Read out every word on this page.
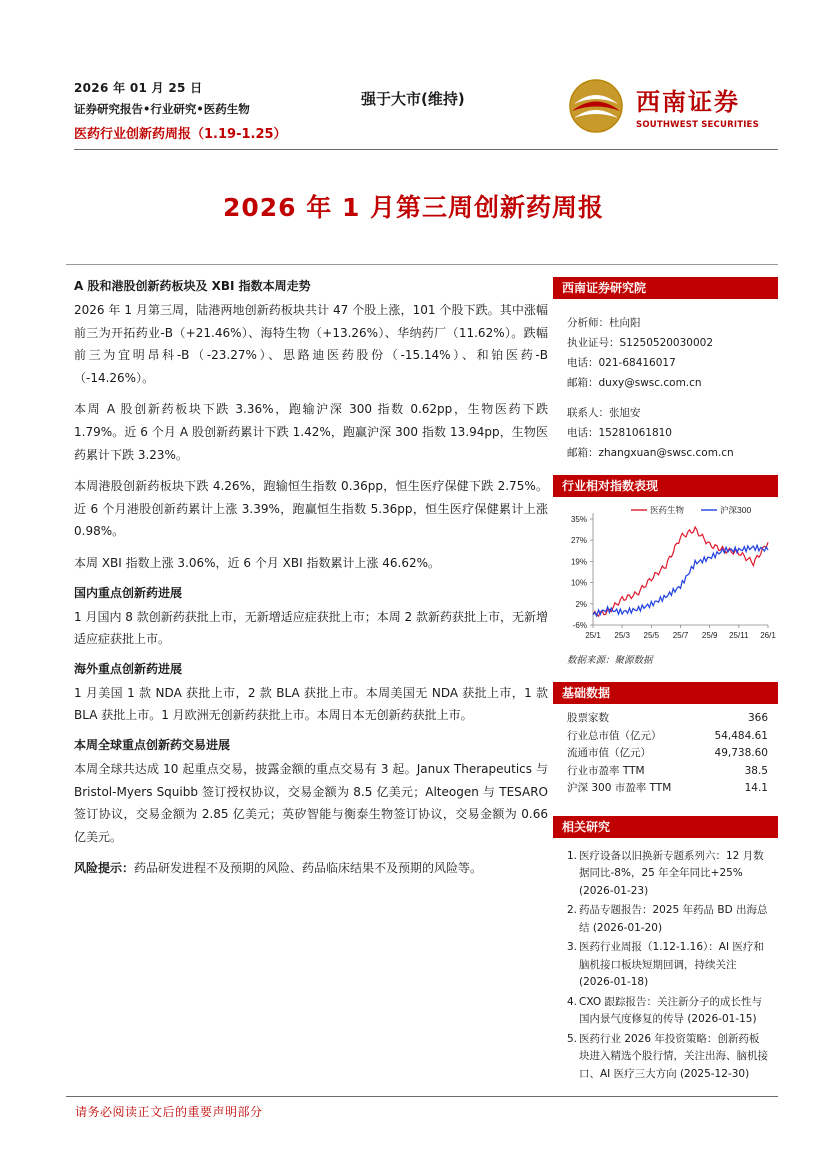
2026 年 01 月 25 日
证券研究报告•行业研究•医药生物
医药行业创新药周报（1.19-1.25）
强于大市(维持)	西南证券
SOUTHWEST SECURITIES
2026 年 1 月第三周创新药周报
A 股和港股创新药板块及 XBI 指数本周走势

2026 年 1 月第三周，陆港两地创新药板块共计 47 个股上涨，101 个股下跌。其中涨幅前三为开拓药业-B（+21.46%）、海特生物（+13.26%）、华纳药厂（11.62%）。跌幅前三为宜明昂科-B（-23.27%）、思路迪医药股份（-15.14%）、和铂医药-B（-14.26%）。

本周 A 股创新药板块下跌 3.36%，跑输沪深 300 指数 0.62pp，生物医药下跌 1.79%。近 6 个月 A 股创新药累计下跌 1.42%，跑赢沪深 300 指数 13.94pp，生物医药累计下跌 3.23%。

本周港股创新药板块下跌 4.26%，跑输恒生指数 0.36pp，恒生医疗保健下跌 2.75%。近 6 个月港股创新药累计上涨 3.39%，跑赢恒生指数 5.36pp，恒生医疗保健累计上涨 0.98%。

本周 XBI 指数上涨 3.06%，近 6 个月 XBI 指数累计上涨 46.62%。

国内重点创新药进展

1 月国内 8 款创新药获批上市，无新增适应症获批上市；本周 2 款新药获批上市，无新增适应症获批上市。

海外重点创新药进展

1 月美国 1 款 NDA 获批上市，2 款 BLA 获批上市。本周美国无 NDA 获批上市，1 款 BLA 获批上市。1 月欧洲无创新药获批上市。本周日本无创新药获批上市。

本周全球重点创新药交易进展

本周全球共达成 10 起重点交易，披露金额的重点交易有 3 起。Janux Therapeutics 与 Bristol-Myers Squibb 签订授权协议，交易金额为 8.5 亿美元；Alteogen 与 TESARO 签订协议，交易金额为 2.85 亿美元；英矽智能与衡泰生物签订协议，交易金额为 0.66 亿美元。

风险提示：药品研发进程不及预期的风险、药品临床结果不及预期的风险等。

西南证券研究院
分析师：杜向阳
执业证号：S1250520030002
电话：021-68416017
邮箱：duxy@swsc.com.cn
联系人：张旭安
电话：15281061810
邮箱：zhangxuan@swsc.com.cn
行业相对指数表现
-6%
2%
10%
19%
27%
35%
25/1 25/3 25/5 25/7 25/9 25/11 26/1
医药生物	沪深300
数据来源：聚源数据
基础数据
股票家数	366
行业总市值（亿元）	54,484.61
流通市值（亿元）	49,738.60
行业市盈率 TTM	38.5
沪深 300 市盈率 TTM	14.1
相关研究
1. 医疗设备以旧换新专题系列六：12 月数据同比-8%，25 年全年同比+25% (2026-01-23)
2. 药品专题报告：2025 年药品 BD 出海总结 (2026-01-20)
3. 医药行业周报（1.12-1.16）：AI 医疗和脑机接口板块短期回调，持续关注 (2026-01-18)
4. CXO 跟踪报告：关注新分子的成长性与国内景气度修复的传导 (2026-01-15)
5. 医药行业 2026 年投资策略：创新药板块进入精选个股行情，关注出海、脑机接口、AI 医疗三大方向 (2025-12-30)
请务必阅读正文后的重要声明部分
